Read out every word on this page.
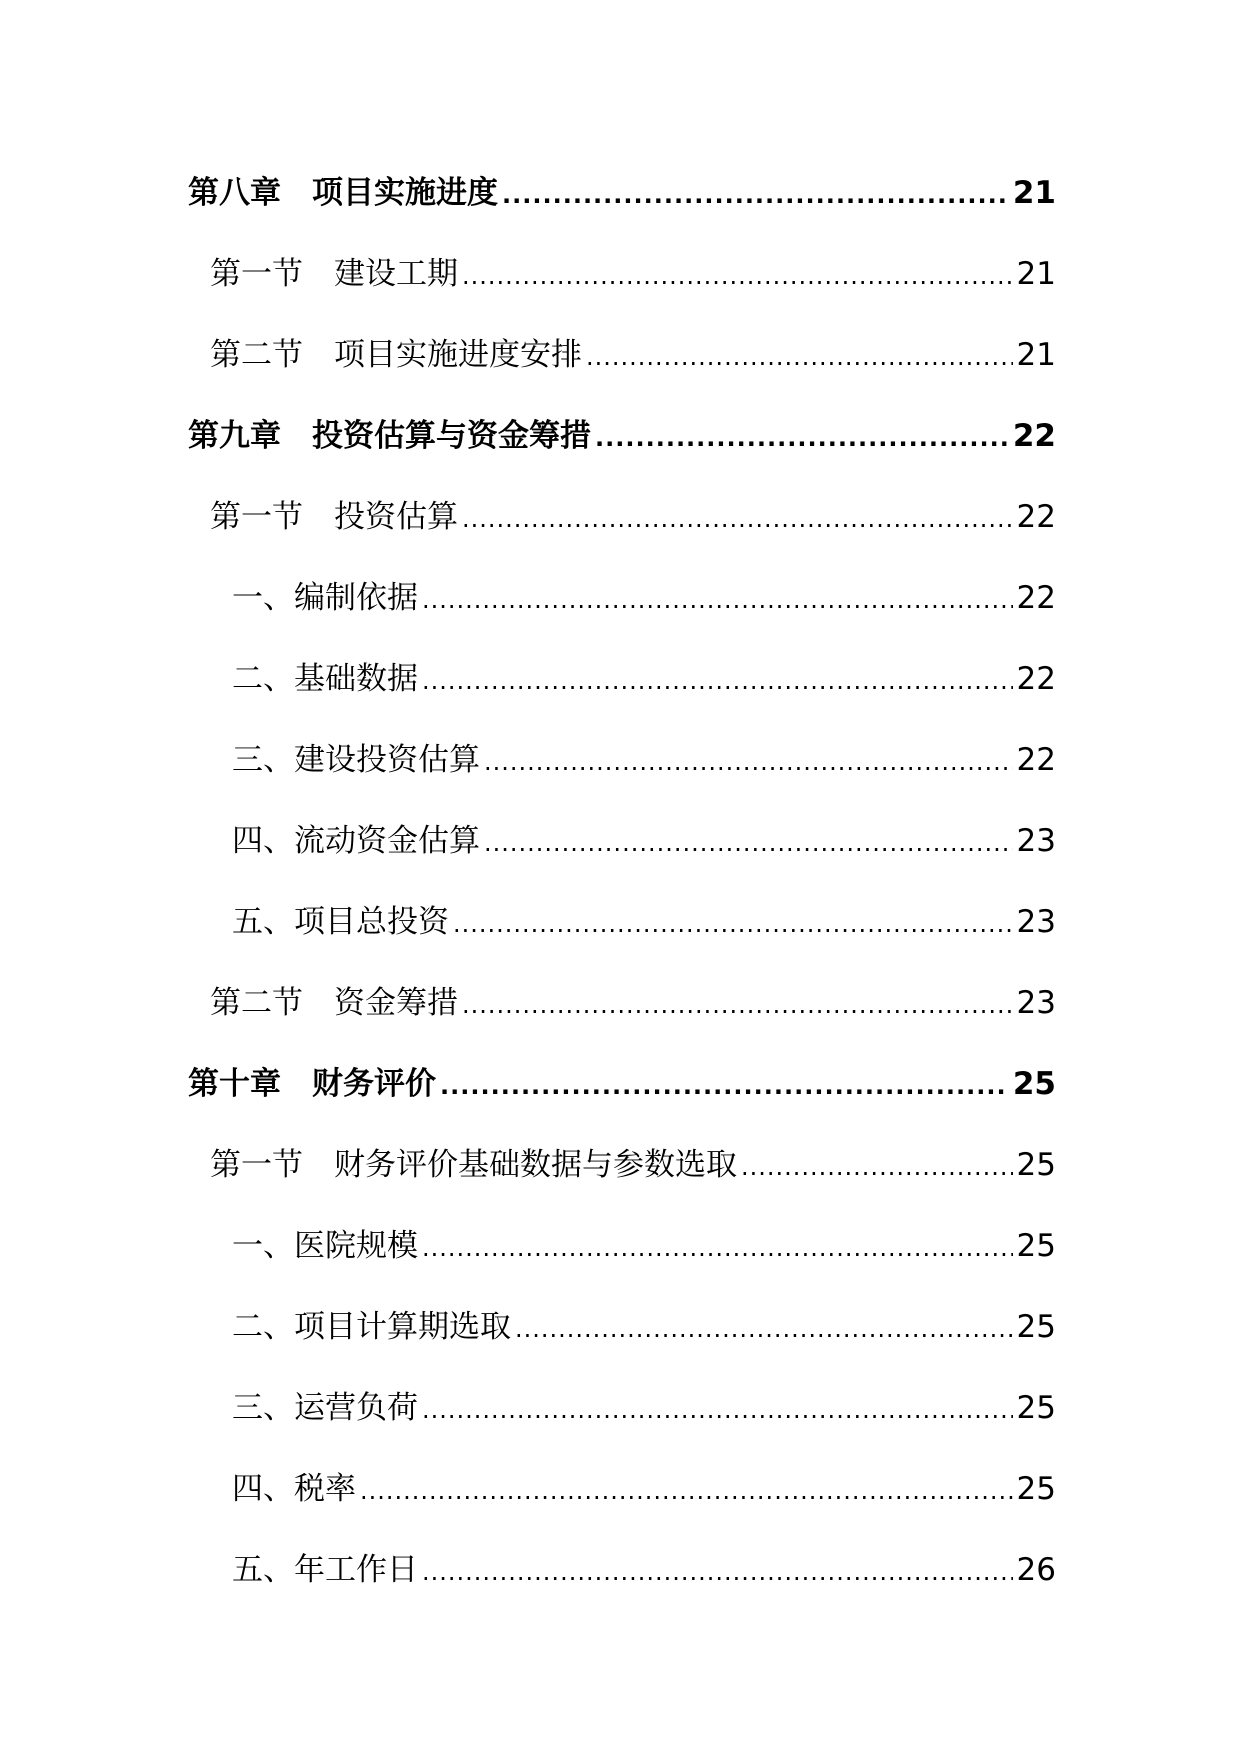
第八章　项目实施进度 .....	21
第一节　建设工期 .....	21
第二节　项目实施进度安排 .....	21
第九章　投资估算与资金筹措 .....	22
第一节　投资估算 .....	22
一、编制依据 .....	22
二、基础数据 .....	22
三、建设投资估算 .....	22
四、流动资金估算 .....	23
五、项目总投资 .....	23
第二节　资金筹措 .....	23
第十章　财务评价 .....	25
第一节　财务评价基础数据与参数选取 .....	25
一、医院规模 .....	25
二、项目计算期选取 .....	25
三、运营负荷 .....	25
四、税率 .....	25
五、年工作日 .....	26
